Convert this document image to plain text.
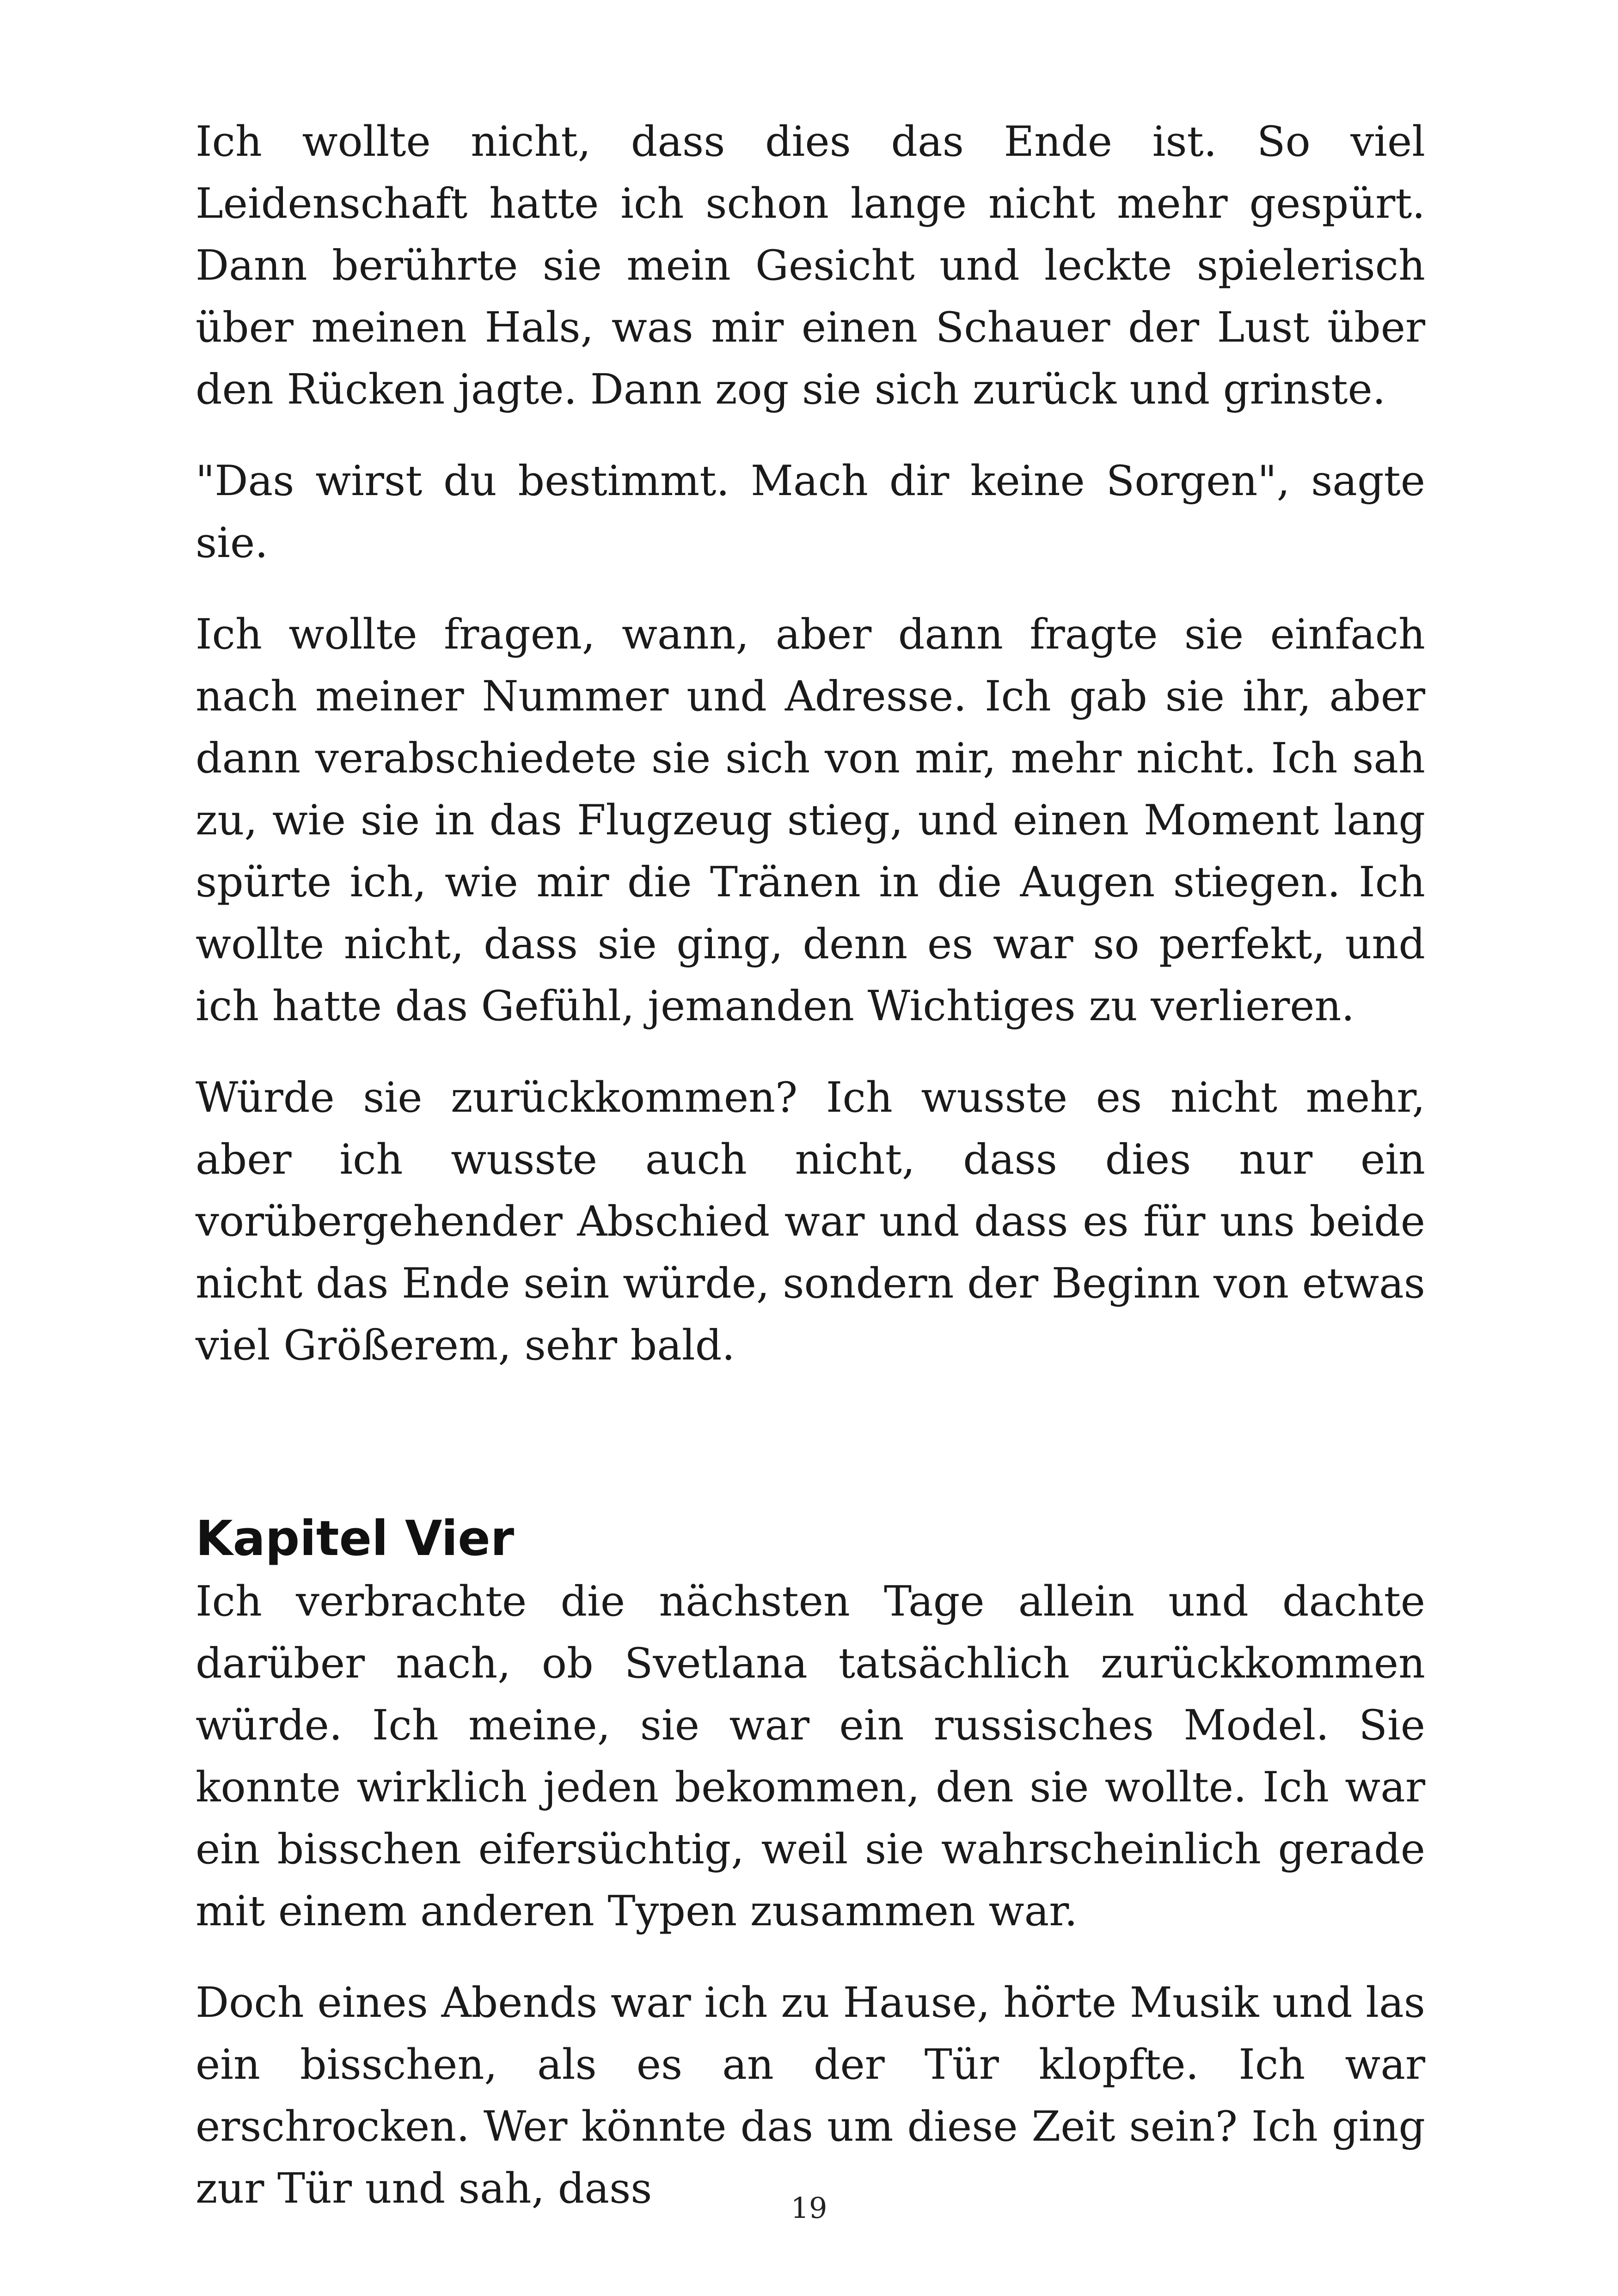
Ich wollte nicht, dass dies das Ende ist. So viel Leidenschaft hatte ich schon lange nicht mehr gespürt. Dann berührte sie mein Gesicht und leckte spielerisch über meinen Hals, was mir einen Schauer der Lust über den Rücken jagte. Dann zog sie sich zurück und grinste.

"Das wirst du bestimmt. Mach dir keine Sorgen", sagte sie.

Ich wollte fragen, wann, aber dann fragte sie einfach nach meiner Nummer und Adresse. Ich gab sie ihr, aber dann verabschiedete sie sich von mir, mehr nicht. Ich sah zu, wie sie in das Flugzeug stieg, und einen Moment lang spürte ich, wie mir die Tränen in die Augen stiegen. Ich wollte nicht, dass sie ging, denn es war so perfekt, und ich hatte das Gefühl, jemanden Wichtiges zu verlieren.

Würde sie zurückkommen? Ich wusste es nicht mehr, aber ich wusste auch nicht, dass dies nur ein vorübergehender Abschied war und dass es für uns beide nicht das Ende sein würde, sondern der Beginn von etwas viel Größerem, sehr bald.

Kapitel Vier

Ich verbrachte die nächsten Tage allein und dachte darüber nach, ob Svetlana tatsächlich zurückkommen würde. Ich meine, sie war ein russisches Model. Sie konnte wirklich jeden bekommen, den sie wollte. Ich war ein bisschen eifersüchtig, weil sie wahrscheinlich gerade mit einem anderen Typen zusammen war.

Doch eines Abends war ich zu Hause, hörte Musik und las ein bisschen, als es an der Tür klopfte. Ich war erschrocken. Wer könnte das um diese Zeit sein? Ich ging zur Tür und sah, dass	19
